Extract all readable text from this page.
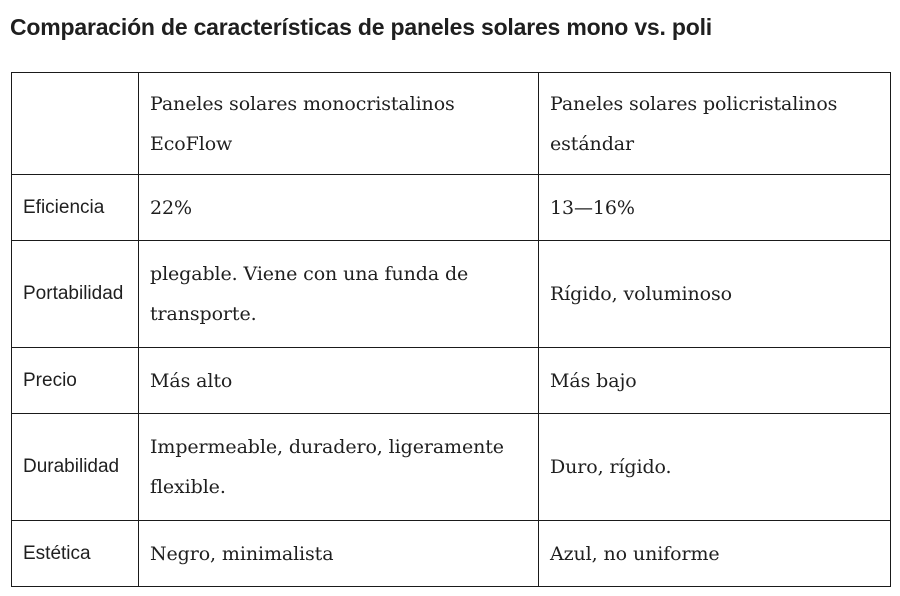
Comparación de características de paneles solares mono vs. poli
	Paneles solares monocristalinos EcoFlow	Paneles solares policristalinos estándar
Eficiencia	22%	13—16%
Portabilidad	plegable. Viene con una funda de transporte.	Rígido, voluminoso
Precio	Más alto	Más bajo
Durabilidad	Impermeable, duradero, ligeramente flexible.	Duro, rígido.
Estética	Negro, minimalista	Azul, no uniforme
